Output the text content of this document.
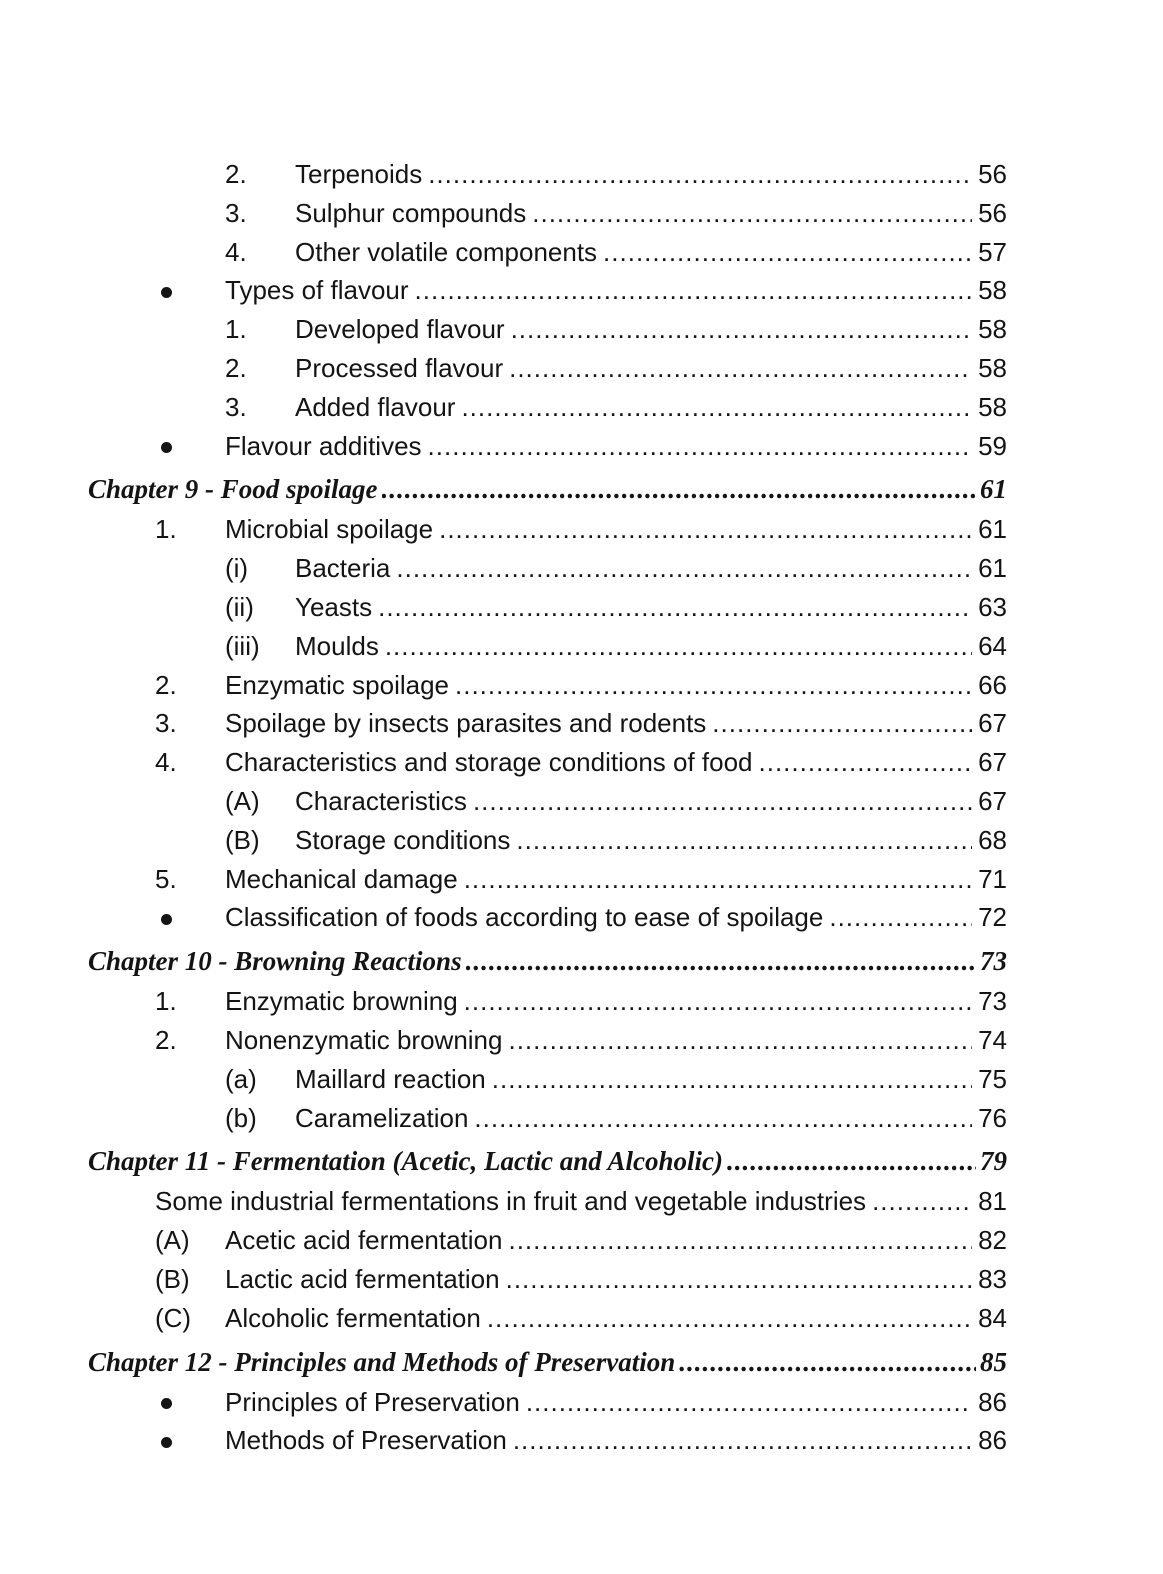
2. Terpenoids .....	56
3. Sulphur compounds .....	56
4. Other volatile components .....	57
Types of flavour .....	58
1. Developed flavour .....	58
2. Processed flavour .....	58
3. Added flavour .....	58
Flavour additives .....	59
Chapter 9 - Food spoilage .....	61
1. Microbial spoilage .....	61
(i) Bacteria .....	61
(ii) Yeasts .....	63
(iii) Moulds .....	64
2. Enzymatic spoilage .....	66
3. Spoilage by insects parasites and rodents .....	67
4. Characteristics and storage conditions of food .....	67
(A) Characteristics .....	67
(B) Storage conditions .....	68
5. Mechanical damage .....	71
Classification of foods according to ease of spoilage .....	72
Chapter 10 - Browning Reactions .....	73
1. Enzymatic browning .....	73
2. Nonenzymatic browning .....	74
(a) Maillard reaction .....	75
(b) Caramelization .....	76
Chapter 11 - Fermentation (Acetic, Lactic and Alcoholic) .....	79
Some industrial fermentations in fruit and vegetable industries .....	81
(A) Acetic acid fermentation .....	82
(B) Lactic acid fermentation .....	83
(C) Alcoholic fermentation .....	84
Chapter 12 - Principles and Methods of Preservation .....	85
Principles of Preservation .....	86
Methods of Preservation .....	86
